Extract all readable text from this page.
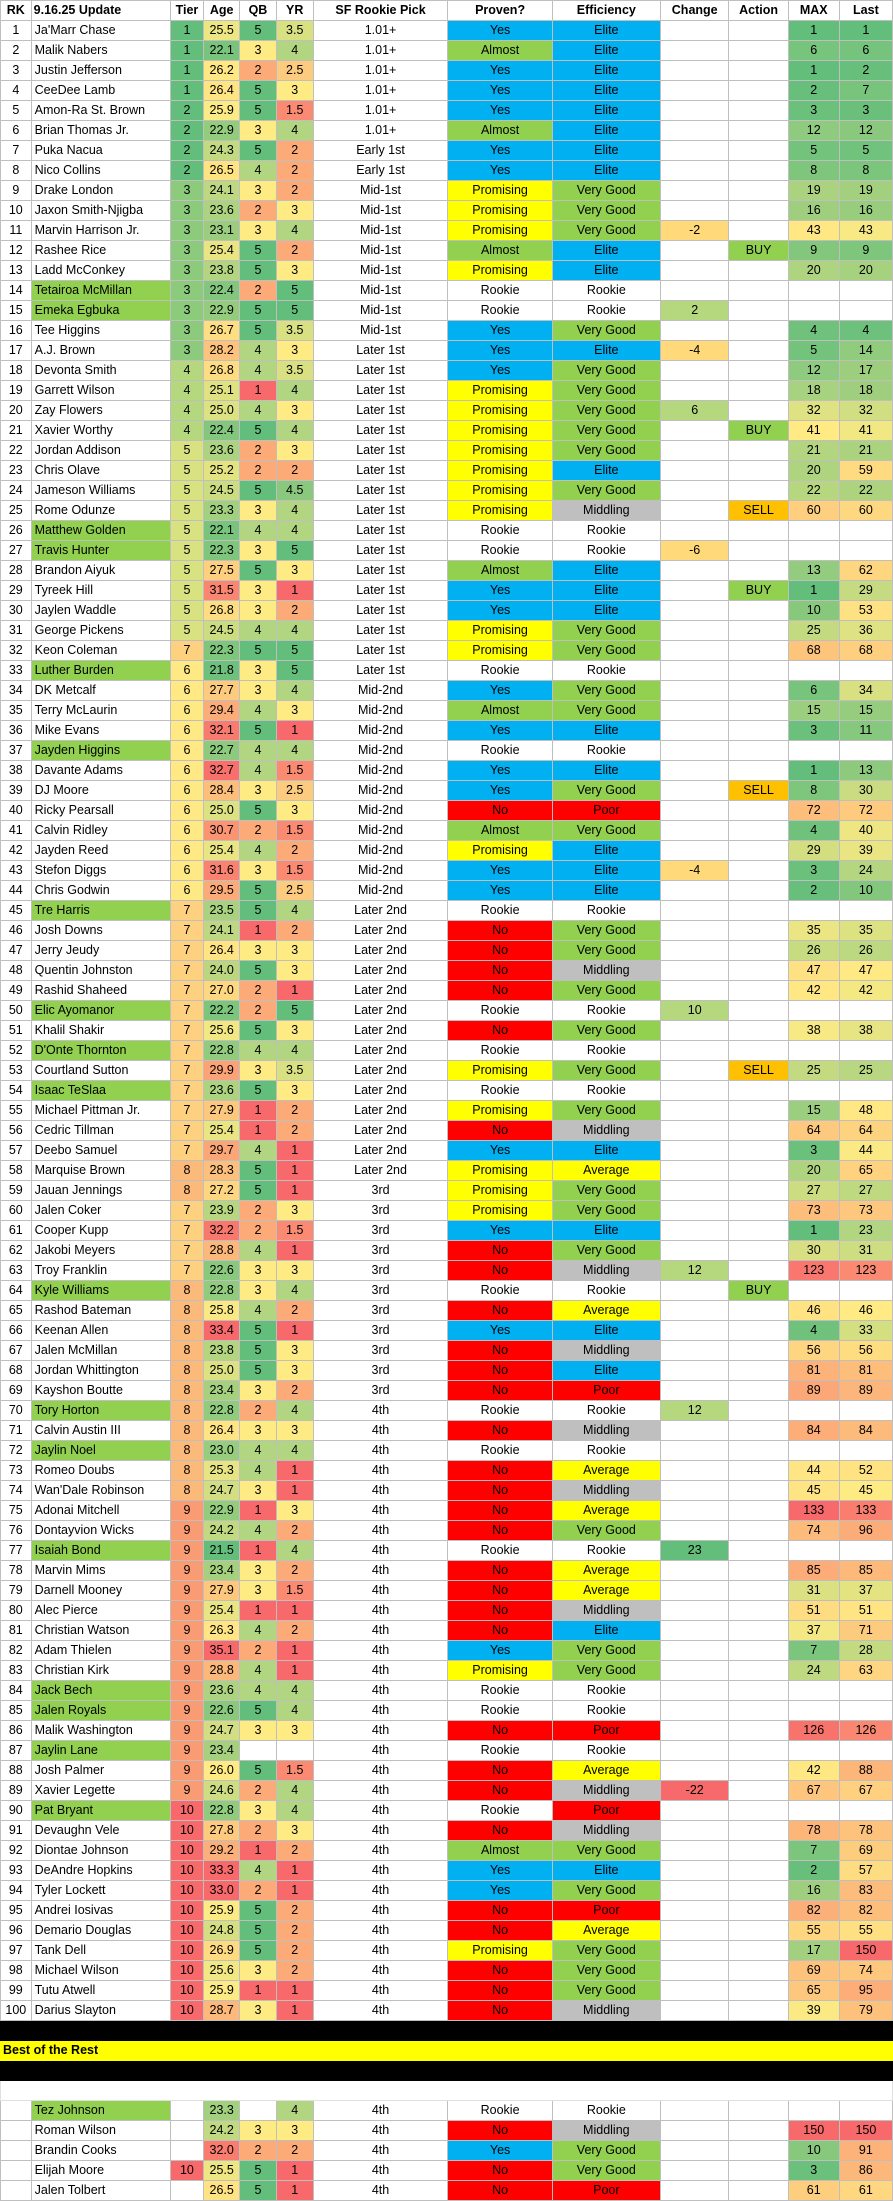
RK	9.16.25 Update	Tier	Age	QB	YR	SF Rookie Pick	Proven?	Efficiency	Change	Action	MAX	Last
1	Ja'Marr Chase	1	25.5	5	3.5	1.01+	Yes	Elite			1	1
2	Malik Nabers	1	22.1	3	4	1.01+	Almost	Elite			6	6
3	Justin Jefferson	1	26.2	2	2.5	1.01+	Yes	Elite			1	2
4	CeeDee Lamb	1	26.4	5	3	1.01+	Yes	Elite			2	7
5	Amon-Ra St. Brown	2	25.9	5	1.5	1.01+	Yes	Elite			3	3
6	Brian Thomas Jr.	2	22.9	3	4	1.01+	Almost	Elite			12	12
7	Puka Nacua	2	24.3	5	2	Early 1st	Yes	Elite			5	5
8	Nico Collins	2	26.5	4	2	Early 1st	Yes	Elite			8	8
9	Drake London	3	24.1	3	2	Mid-1st	Promising	Very Good			19	19
10	Jaxon Smith-Njigba	3	23.6	2	3	Mid-1st	Promising	Very Good			16	16
11	Marvin Harrison Jr.	3	23.1	3	4	Mid-1st	Promising	Very Good	-2		43	43
12	Rashee Rice	3	25.4	5	2	Mid-1st	Almost	Elite		BUY	9	9
13	Ladd McConkey	3	23.8	5	3	Mid-1st	Promising	Elite			20	20
14	Tetairoa McMillan	3	22.4	2	5	Mid-1st	Rookie	Rookie				
15	Emeka Egbuka	3	22.9	5	5	Mid-1st	Rookie	Rookie	2			
16	Tee Higgins	3	26.7	5	3.5	Mid-1st	Yes	Very Good			4	4
17	A.J. Brown	3	28.2	4	3	Later 1st	Yes	Elite	-4		5	14
18	Devonta Smith	4	26.8	4	3.5	Later 1st	Yes	Very Good			12	17
19	Garrett Wilson	4	25.1	1	4	Later 1st	Promising	Very Good			18	18
20	Zay Flowers	4	25.0	4	3	Later 1st	Promising	Very Good	6		32	32
21	Xavier Worthy	4	22.4	5	4	Later 1st	Promising	Very Good		BUY	41	41
22	Jordan Addison	5	23.6	2	3	Later 1st	Promising	Very Good			21	21
23	Chris Olave	5	25.2	2	2	Later 1st	Promising	Elite			20	59
24	Jameson Williams	5	24.5	5	4.5	Later 1st	Promising	Very Good			22	22
25	Rome Odunze	5	23.3	3	4	Later 1st	Promising	Middling		SELL	60	60
26	Matthew Golden	5	22.1	4	4	Later 1st	Rookie	Rookie				
27	Travis Hunter	5	22.3	3	5	Later 1st	Rookie	Rookie	-6			
28	Brandon Aiyuk	5	27.5	5	3	Later 1st	Almost	Elite			13	62
29	Tyreek Hill	5	31.5	3	1	Later 1st	Yes	Elite		BUY	1	29
30	Jaylen Waddle	5	26.8	3	2	Later 1st	Yes	Elite			10	53
31	George Pickens	5	24.5	4	4	Later 1st	Promising	Very Good			25	36
32	Keon Coleman	7	22.3	5	5	Later 1st	Promising	Very Good			68	68
33	Luther Burden	6	21.8	3	5	Later 1st	Rookie	Rookie				
34	DK Metcalf	6	27.7	3	4	Mid-2nd	Yes	Very Good			6	34
35	Terry McLaurin	6	29.4	4	3	Mid-2nd	Almost	Very Good			15	15
36	Mike Evans	6	32.1	5	1	Mid-2nd	Yes	Elite			3	11
37	Jayden Higgins	6	22.7	4	4	Mid-2nd	Rookie	Rookie				
38	Davante Adams	6	32.7	4	1.5	Mid-2nd	Yes	Elite			1	13
39	DJ Moore	6	28.4	3	2.5	Mid-2nd	Yes	Very Good		SELL	8	30
40	Ricky Pearsall	6	25.0	5	3	Mid-2nd	No	Poor			72	72
41	Calvin Ridley	6	30.7	2	1.5	Mid-2nd	Almost	Very Good			4	40
42	Jayden Reed	6	25.4	4	2	Mid-2nd	Promising	Elite			29	39
43	Stefon Diggs	6	31.6	3	1.5	Mid-2nd	Yes	Elite	-4		3	24
44	Chris Godwin	6	29.5	5	2.5	Mid-2nd	Yes	Elite			2	10
45	Tre Harris	7	23.5	5	4	Later 2nd	Rookie	Rookie				
46	Josh Downs	7	24.1	1	2	Later 2nd	No	Very Good			35	35
47	Jerry Jeudy	7	26.4	3	3	Later 2nd	No	Very Good			26	26
48	Quentin Johnston	7	24.0	5	3	Later 2nd	No	Middling			47	47
49	Rashid Shaheed	7	27.0	2	1	Later 2nd	No	Very Good			42	42
50	Elic Ayomanor	7	22.2	2	5	Later 2nd	Rookie	Rookie	10			
51	Khalil Shakir	7	25.6	5	3	Later 2nd	No	Very Good			38	38
52	D'Onte Thornton	7	22.8	4	4	Later 2nd	Rookie	Rookie				
53	Courtland Sutton	7	29.9	3	3.5	Later 2nd	Promising	Very Good		SELL	25	25
54	Isaac TeSlaa	7	23.6	5	3	Later 2nd	Rookie	Rookie				
55	Michael Pittman Jr.	7	27.9	1	2	Later 2nd	Promising	Very Good			15	48
56	Cedric Tillman	7	25.4	1	2	Later 2nd	No	Middling			64	64
57	Deebo Samuel	7	29.7	4	1	Later 2nd	Yes	Elite			3	44
58	Marquise Brown	8	28.3	5	1	Later 2nd	Promising	Average			20	65
59	Jauan Jennings	8	27.2	5	1	3rd	Promising	Very Good			27	27
60	Jalen Coker	7	23.9	2	3	3rd	Promising	Very Good			73	73
61	Cooper Kupp	7	32.2	2	1.5	3rd	Yes	Elite			1	23
62	Jakobi Meyers	7	28.8	4	1	3rd	No	Very Good			30	31
63	Troy Franklin	7	22.6	3	3	3rd	No	Middling	12		123	123
64	Kyle Williams	8	22.8	3	4	3rd	Rookie	Rookie		BUY		
65	Rashod Bateman	8	25.8	4	2	3rd	No	Average			46	46
66	Keenan Allen	8	33.4	5	1	3rd	Yes	Elite			4	33
67	Jalen McMillan	8	23.8	5	3	3rd	No	Middling			56	56
68	Jordan Whittington	8	25.0	5	3	3rd	No	Elite			81	81
69	Kayshon Boutte	8	23.4	3	2	3rd	No	Poor			89	89
70	Tory Horton	8	22.8	2	4	4th	Rookie	Rookie	12			
71	Calvin Austin III	8	26.4	3	3	4th	No	Middling			84	84
72	Jaylin Noel	8	23.0	4	4	4th	Rookie	Rookie				
73	Romeo Doubs	8	25.3	4	1	4th	No	Average			44	52
74	Wan'Dale Robinson	8	24.7	3	1	4th	No	Middling			45	45
75	Adonai Mitchell	9	22.9	1	3	4th	No	Average			133	133
76	Dontayvion Wicks	9	24.2	4	2	4th	No	Very Good			74	96
77	Isaiah Bond	9	21.5	1	4	4th	Rookie	Rookie	23			
78	Marvin Mims	9	23.4	3	2	4th	No	Average			85	85
79	Darnell Mooney	9	27.9	3	1.5	4th	No	Average			31	37
80	Alec Pierce	9	25.4	1	1	4th	No	Middling			51	51
81	Christian Watson	9	26.3	4	2	4th	No	Elite			37	71
82	Adam Thielen	9	35.1	2	1	4th	Yes	Very Good			7	28
83	Christian Kirk	9	28.8	4	1	4th	Promising	Very Good			24	63
84	Jack Bech	9	23.6	4	4	4th	Rookie	Rookie				
85	Jalen Royals	9	22.6	5	4	4th	Rookie	Rookie				
86	Malik Washington	9	24.7	3	3	4th	No	Poor			126	126
87	Jaylin Lane	9	23.4			4th	Rookie	Rookie				
88	Josh Palmer	9	26.0	5	1.5	4th	No	Average			42	88
89	Xavier Legette	9	24.6	2	4	4th	No	Middling	-22		67	67
90	Pat Bryant	10	22.8	3	4	4th	Rookie	Poor				
91	Devaughn Vele	10	27.8	2	3	4th	No	Middling			78	78
92	Diontae Johnson	10	29.2	1	2	4th	Almost	Very Good			7	69
93	DeAndre Hopkins	10	33.3	4	1	4th	Yes	Elite			2	57
94	Tyler Lockett	10	33.0	2	1	4th	Yes	Very Good			16	83
95	Andrei Iosivas	10	25.9	5	2	4th	No	Poor			82	82
96	Demario Douglas	10	24.8	5	2	4th	No	Average			55	55
97	Tank Dell	10	26.9	5	2	4th	Promising	Very Good			17	150
98	Michael Wilson	10	25.6	3	2	4th	No	Very Good			69	74
99	Tutu Atwell	10	25.9	1	1	4th	No	Very Good			65	95
100	Darius Slayton	10	28.7	3	1	4th	No	Middling			39	79

Best of the Rest												

	Tez Johnson		23.3		4	4th	Rookie	Rookie				
	Roman Wilson		24.2	3	3	4th	No	Middling			150	150
	Brandin Cooks		32.0	2	2	4th	Yes	Very Good			10	91
	Elijah Moore	10	25.5	5	1	4th	No	Very Good			3	86
	Jalen Tolbert		26.5	5	1	4th	No	Poor			61	61
